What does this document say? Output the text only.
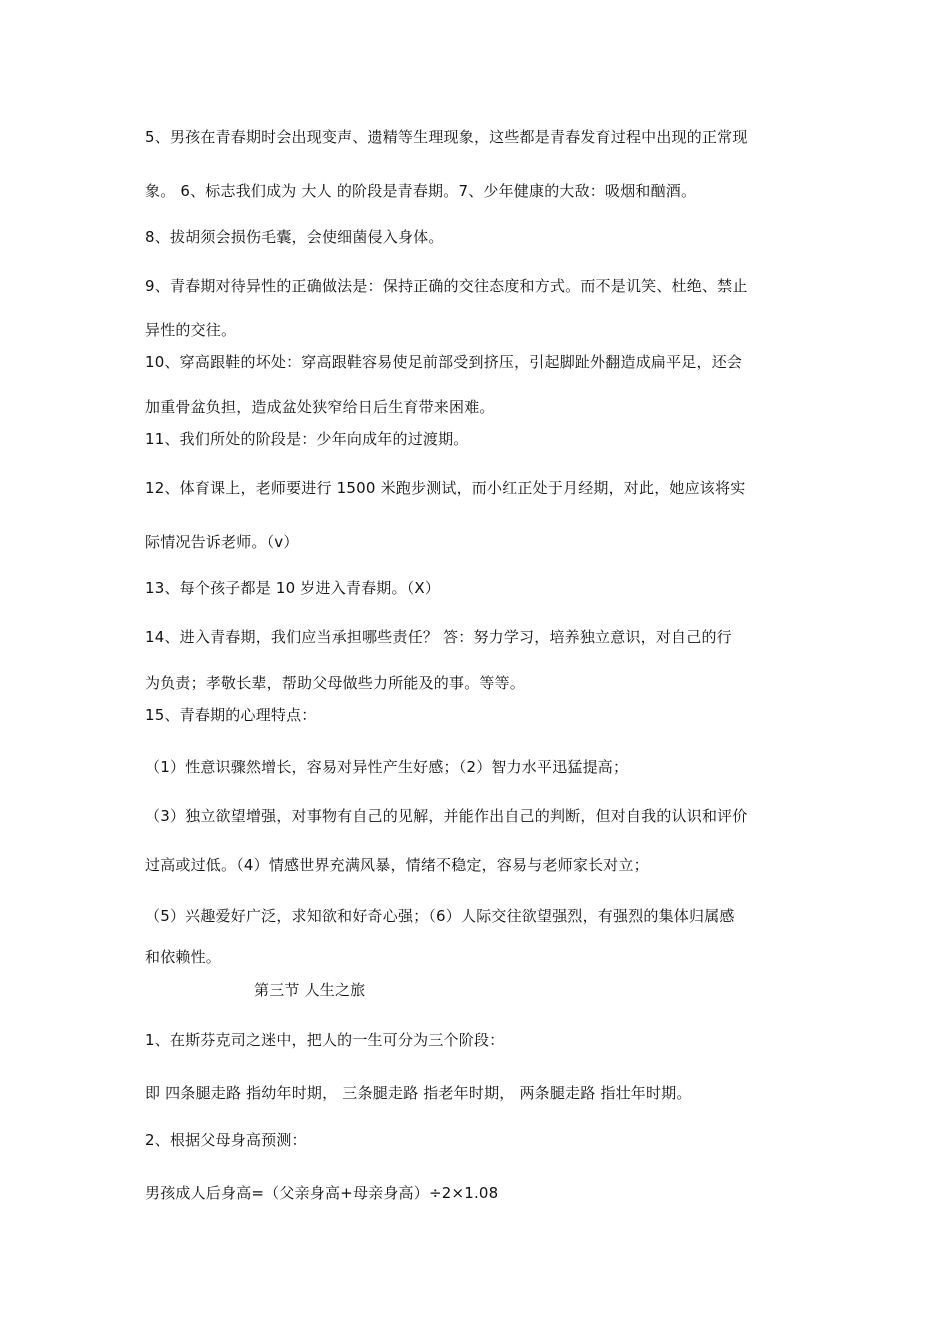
5、男孩在青春期时会出现变声、遗精等生理现象，这些都是青春发育过程中出现的正常现
象。 6、标志我们成为 大人 的阶段是青春期。7、少年健康的大敌：吸烟和酗酒。
8、拔胡须会损伤毛囊，会使细菌侵入身体。
9、青春期对待异性的正确做法是：保持正确的交往态度和方式。而不是讥笑、杜绝、禁止
异性的交往。
10、穿高跟鞋的坏处：穿高跟鞋容易使足前部受到挤压，引起脚趾外翻造成扁平足，还会
加重骨盆负担，造成盆处狭窄给日后生育带来困难。
11、我们所处的阶段是：少年向成年的过渡期。
12、体育课上，老师要进行 1500 米跑步测试，而小红正处于月经期，对此，她应该将实
际情况告诉老师。（v）
13、每个孩子都是 10 岁进入青春期。（X）
14、进入青春期，我们应当承担哪些责任？ 答：努力学习，培养独立意识，对自己的行
为负责；孝敬长辈，帮助父母做些力所能及的事。等等。
15、青春期的心理特点：
（1）性意识骤然增长，容易对异性产生好感；（2）智力水平迅猛提高；
（3）独立欲望增强，对事物有自己的见解，并能作出自己的判断，但对自我的认识和评价
过高或过低。（4）情感世界充满风暴，情绪不稳定，容易与老师家长对立；
（5）兴趣爱好广泛，求知欲和好奇心强；（6）人际交往欲望强烈，有强烈的集体归属感
和依赖性。
第三节 人生之旅
1、在斯芬克司之迷中，把人的一生可分为三个阶段：
即 四条腿走路 指幼年时期， 三条腿走路 指老年时期， 两条腿走路 指壮年时期。
2、根据父母身高预测：
男孩成人后身高=（父亲身高+母亲身高）÷2×1.08
